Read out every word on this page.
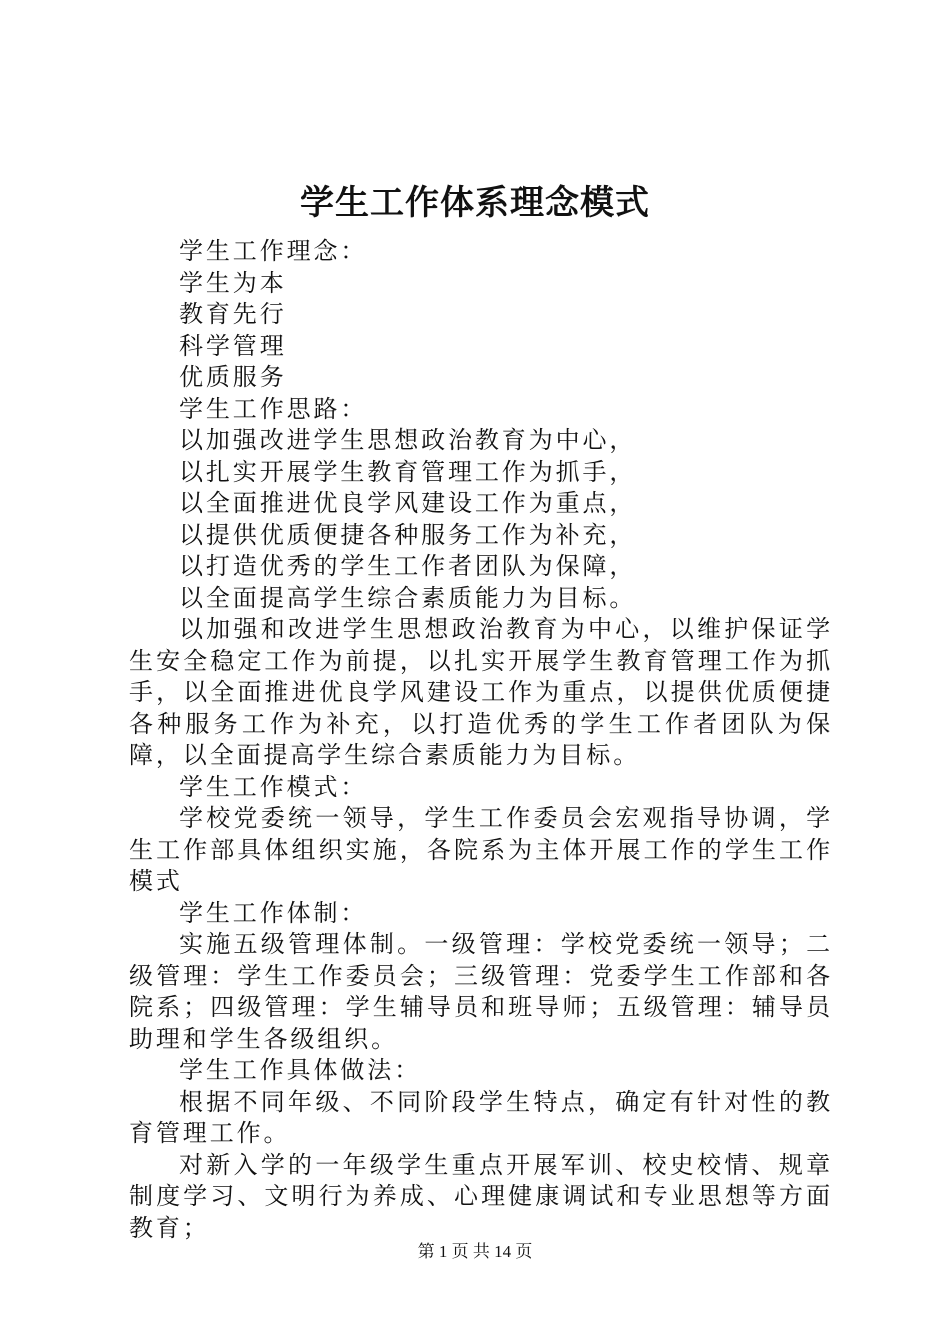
学生工作体系理念模式

学生工作理念：

学生为本

教育先行

科学管理

优质服务

学生工作思路：

以加强改进学生思想政治教育为中心，

以扎实开展学生教育管理工作为抓手，

以全面推进优良学风建设工作为重点，

以提供优质便捷各种服务工作为补充，

以打造优秀的学生工作者团队为保障，

以全面提高学生综合素质能力为目标。

以加强和改进学生思想政治教育为中心，以维护保证学生安全稳定工作为前提，以扎实开展学生教育管理工作为抓手，以全面推进优良学风建设工作为重点，以提供优质便捷各种服务工作为补充，以打造优秀的学生工作者团队为保障，以全面提高学生综合素质能力为目标。

学生工作模式：

学校党委统一领导，学生工作委员会宏观指导协调，学生工作部具体组织实施，各院系为主体开展工作的学生工作模式

学生工作体制：

实施五级管理体制。一级管理：学校党委统一领导；二级管理：学生工作委员会；三级管理：党委学生工作部和各院系；四级管理：学生辅导员和班导师；五级管理：辅导员助理和学生各级组织。

学生工作具体做法：

根据不同年级、不同阶段学生特点，确定有针对性的教育管理工作。

对新入学的一年级学生重点开展军训、校史校情、规章制度学习、文明行为养成、心理健康调试和专业思想等方面教育；

第 1 页 共 14 页
